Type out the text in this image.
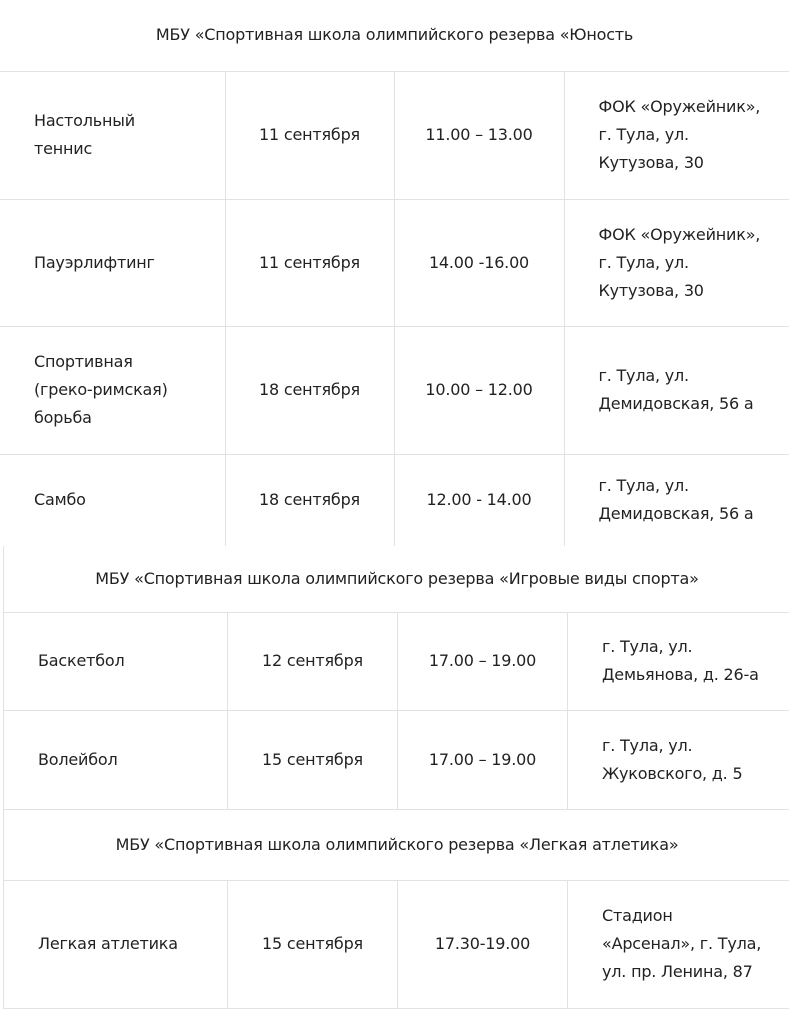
МБУ «Спортивная школа олимпийского резерва «Юность			

Настольный
теннис	11 сентября	11.00 – 13.00	ФОК «Оружейник»,
г. Тула, ул.
Кутузова, 30

Пауэрлифтинг	11 сентября	14.00 -16.00	ФОК «Оружейник»,
г. Тула, ул.
Кутузова, 30

Спортивная
(греко-римская)
борьба	18 сентября	10.00 – 12.00	г. Тула, ул.
Демидовская, 56 а

Самбо	18 сентября	12.00 - 14.00	г. Тула, ул.
Демидовская, 56 а
МБУ «Спортивная школа олимпийского резерва «Игровые виды спорта»			

Баскетбол	12 сентября	17.00 – 19.00	г. Тула, ул.
Демьянова, д. 26-а

Волейбол	15 сентября	17.00 – 19.00	г. Тула, ул.
Жуковского, д. 5
МБУ «Спортивная школа олимпийского резерва «Легкая атлетика»

Легкая атлетика	15 сентября	17.30-19.00	
Стадион
«Арсенал», г. Тула,
ул. пр. Ленина, 87
